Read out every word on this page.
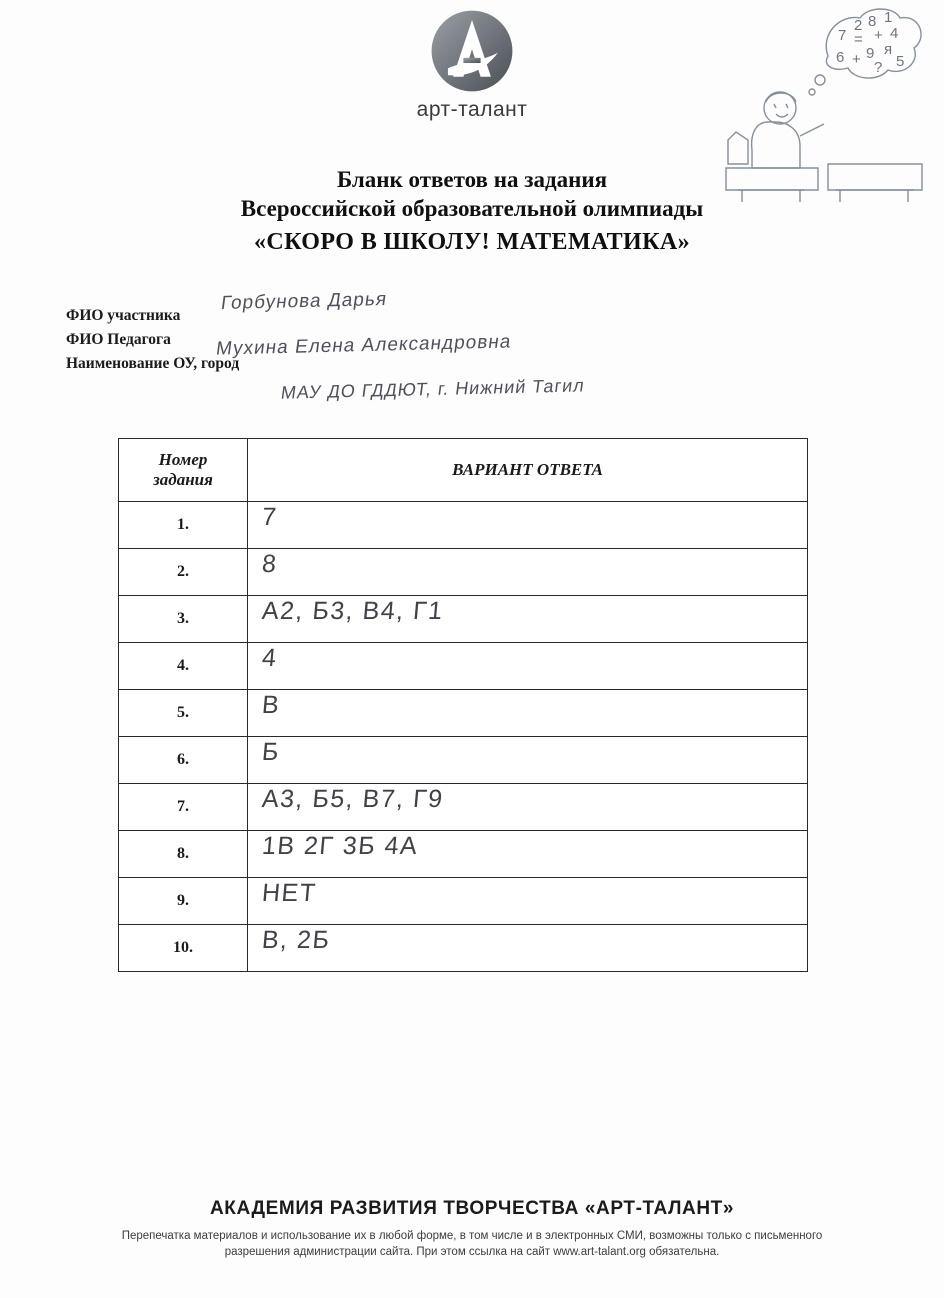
арт-талант
7
2 8 1
= + 4
6 + 9 я
? 5
Бланк ответов на задания
Всероссийской образовательной олимпиады
«СКОРО В ШКОЛУ! МАТЕМАТИКА»
ФИО участника
Горбунова Дарья
ФИО Педагога Мухина Елена Александровна
Наименование ОУ, город
МАУ ДО ГДДЮТ, г. Нижний Тагил
Номер
задания	ВАРИАНТ ОТВЕТА
1.	7

2.	8

3.	А2, Б3, В4, Г1

4.	4

5.	В

6.	Б

7.	А3, Б5, В7, Г9

8.	1В 2Г 3Б 4А

9.	НЕТ

10.	В, 2Б
АКАДЕМИЯ РАЗВИТИЯ ТВОРЧЕСТВА «АРТ-ТАЛАНТ»
Перепечатка материалов и использование их в любой форме, в том числе и в электронных СМИ, возможны только с письменного разрешения администрации сайта. При этом ссылка на сайт www.art-talant.org обязательна.
